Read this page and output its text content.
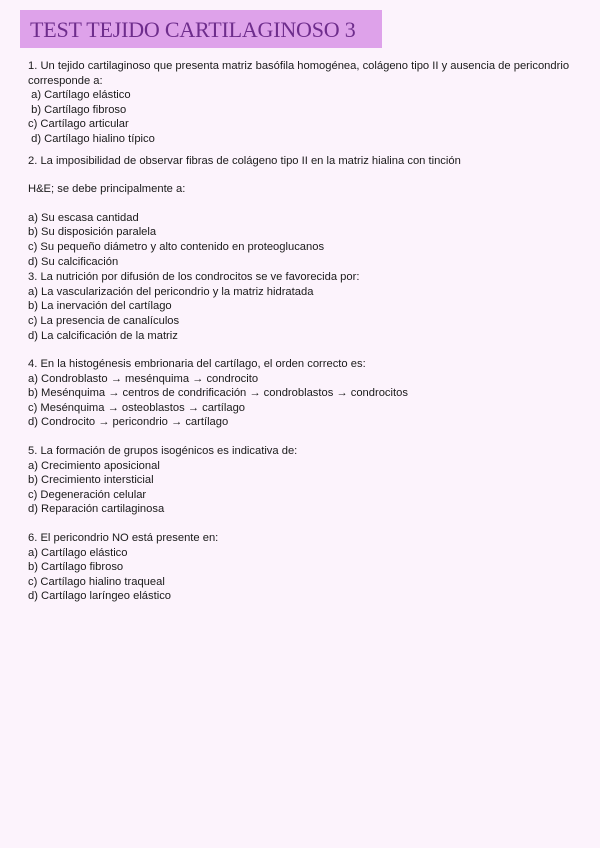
TEST TEJIDO CARTILAGINOSO 3
1. Un tejido cartilaginoso que presenta matriz basófila homogénea, colágeno tipo II y ausencia de pericondrio corresponde a:
a) Cartílago elástico
b) Cartílago fibroso
c) Cartílago articular
d) Cartílago hialino típico
2. La imposibilidad de observar fibras de colágeno tipo II en la matriz hialina con tinción
H&E; se debe principalmente a:
a) Su escasa cantidad
b) Su disposición paralela
c) Su pequeño diámetro y alto contenido en proteoglucanos
d) Su calcificación
3. La nutrición por difusión de los condrocitos se ve favorecida por:
a) La vascularización del pericondrio y la matriz hidratada
b) La inervación del cartílago
c) La presencia de canalículos
d) La calcificación de la matriz
4. En la histogénesis embrionaria del cartílago, el orden correcto es:
a) Condroblasto → mesénquima → condrocito
b) Mesénquima → centros de condrificación → condroblastos → condrocitos
c) Mesénquima → osteoblastos → cartílago
d) Condrocito → pericondrio → cartílago
5. La formación de grupos isogénicos es indicativa de:
a) Crecimiento aposicional
b) Crecimiento intersticial
c) Degeneración celular
d) Reparación cartilaginosa
6. El pericondrio NO está presente en:
a) Cartílago elástico
b) Cartílago fibroso
c) Cartílago hialino traqueal
d) Cartílago laríngeo elástico
